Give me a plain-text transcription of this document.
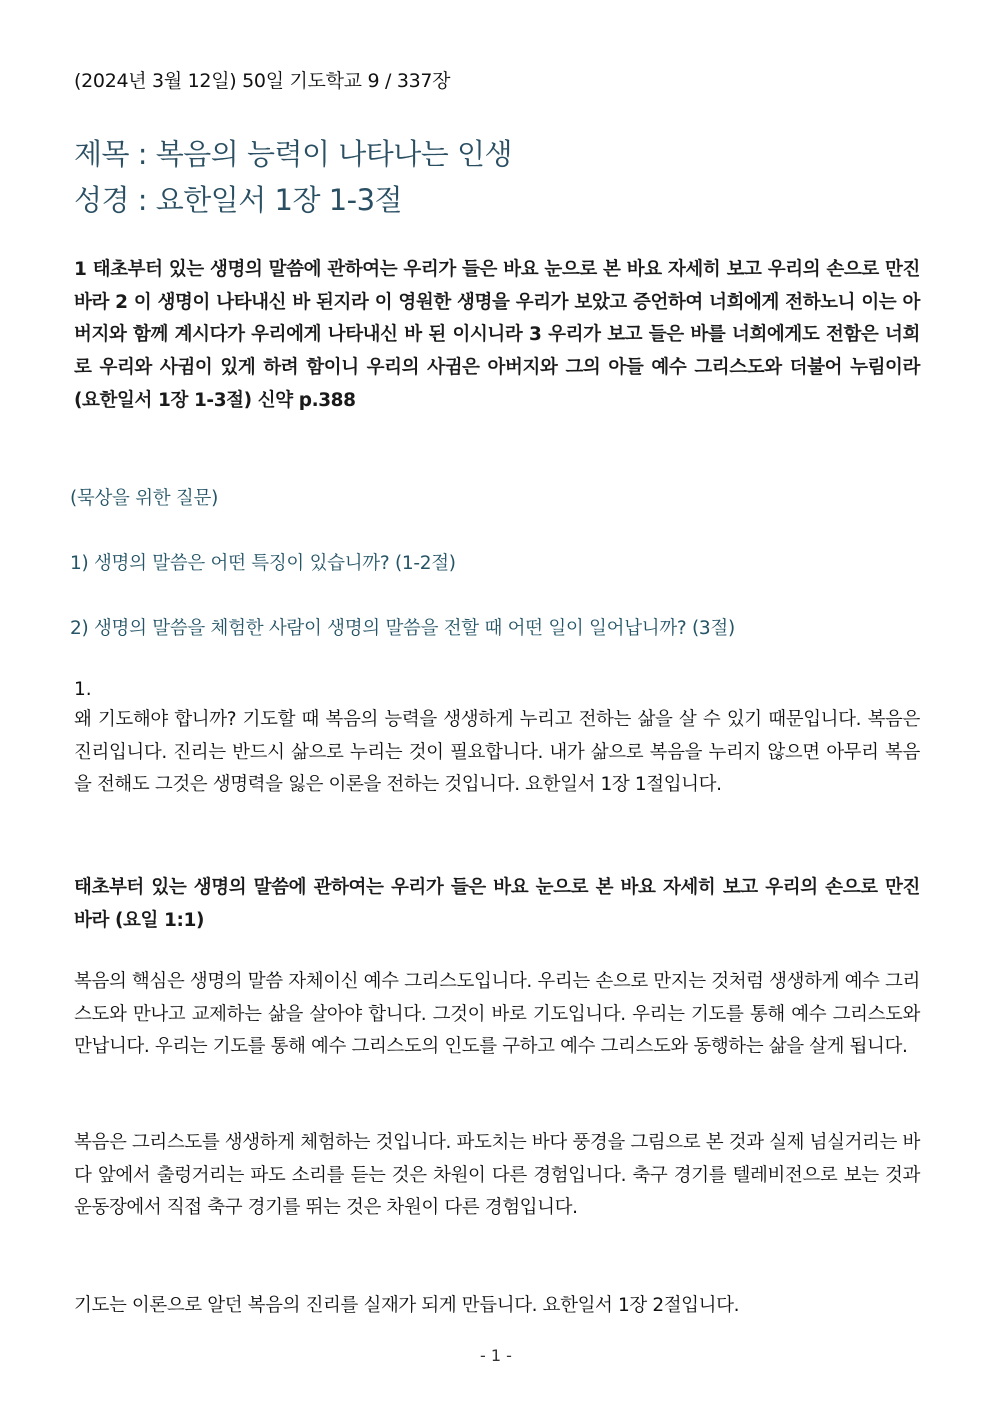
(2024년 3월 12일) 50일 기도학교 9 / 337장
제목 : 복음의 능력이 나타나는 인생
성경 : 요한일서 1장 1-3절

1 태초부터 있는 생명의 말씀에 관하여는 우리가 들은 바요 눈으로 본 바요 자세히 보고 우리의 손으로 만진 바라 2 이 생명이 나타내신 바 된지라 이 영원한 생명을 우리가 보았고 증언하여 너희에게 전하노니 이는 아버지와 함께 계시다가 우리에게 나타내신 바 된 이시니라 3 우리가 보고 들은 바를 너희에게도 전함은 너희로 우리와 사귐이 있게 하려 함이니 우리의 사귐은 아버지와 그의 아들 예수 그리스도와 더불어 누림이라 (요한일서 1장 1-3절) 신약 p.388

(묵상을 위한 질문)

1) 생명의 말씀은 어떤 특징이 있습니까? (1-2절)

2) 생명의 말씀을 체험한 사람이 생명의 말씀을 전할 때 어떤 일이 일어납니까? (3절)

1.

왜 기도해야 합니까? 기도할 때 복음의 능력을 생생하게 누리고 전하는 삶을 살 수 있기 때문입니다. 복음은 진리입니다. 진리는 반드시 삶으로 누리는 것이 필요합니다. 내가 삶으로 복음을 누리지 않으면 아무리 복음을 전해도 그것은 생명력을 잃은 이론을 전하는 것입니다. 요한일서 1장 1절입니다.

태초부터 있는 생명의 말씀에 관하여는 우리가 들은 바요 눈으로 본 바요 자세히 보고 우리의 손으로 만진 바라 (요일 1:1)

복음의 핵심은 생명의 말씀 자체이신 예수 그리스도입니다. 우리는 손으로 만지는 것처럼 생생하게 예수 그리스도와 만나고 교제하는 삶을 살아야 합니다. 그것이 바로 기도입니다. 우리는 기도를 통해 예수 그리스도와 만납니다. 우리는 기도를 통해 예수 그리스도의 인도를 구하고 예수 그리스도와 동행하는 삶을 살게 됩니다.

복음은 그리스도를 생생하게 체험하는 것입니다. 파도치는 바다 풍경을 그림으로 본 것과 실제 넘실거리는 바다 앞에서 출렁거리는 파도 소리를 듣는 것은 차원이 다른 경험입니다. 축구 경기를 텔레비전으로 보는 것과 운동장에서 직접 축구 경기를 뛰는 것은 차원이 다른 경험입니다.

기도는 이론으로 알던 복음의 진리를 실재가 되게 만듭니다. 요한일서 1장 2절입니다.

- 1 -
